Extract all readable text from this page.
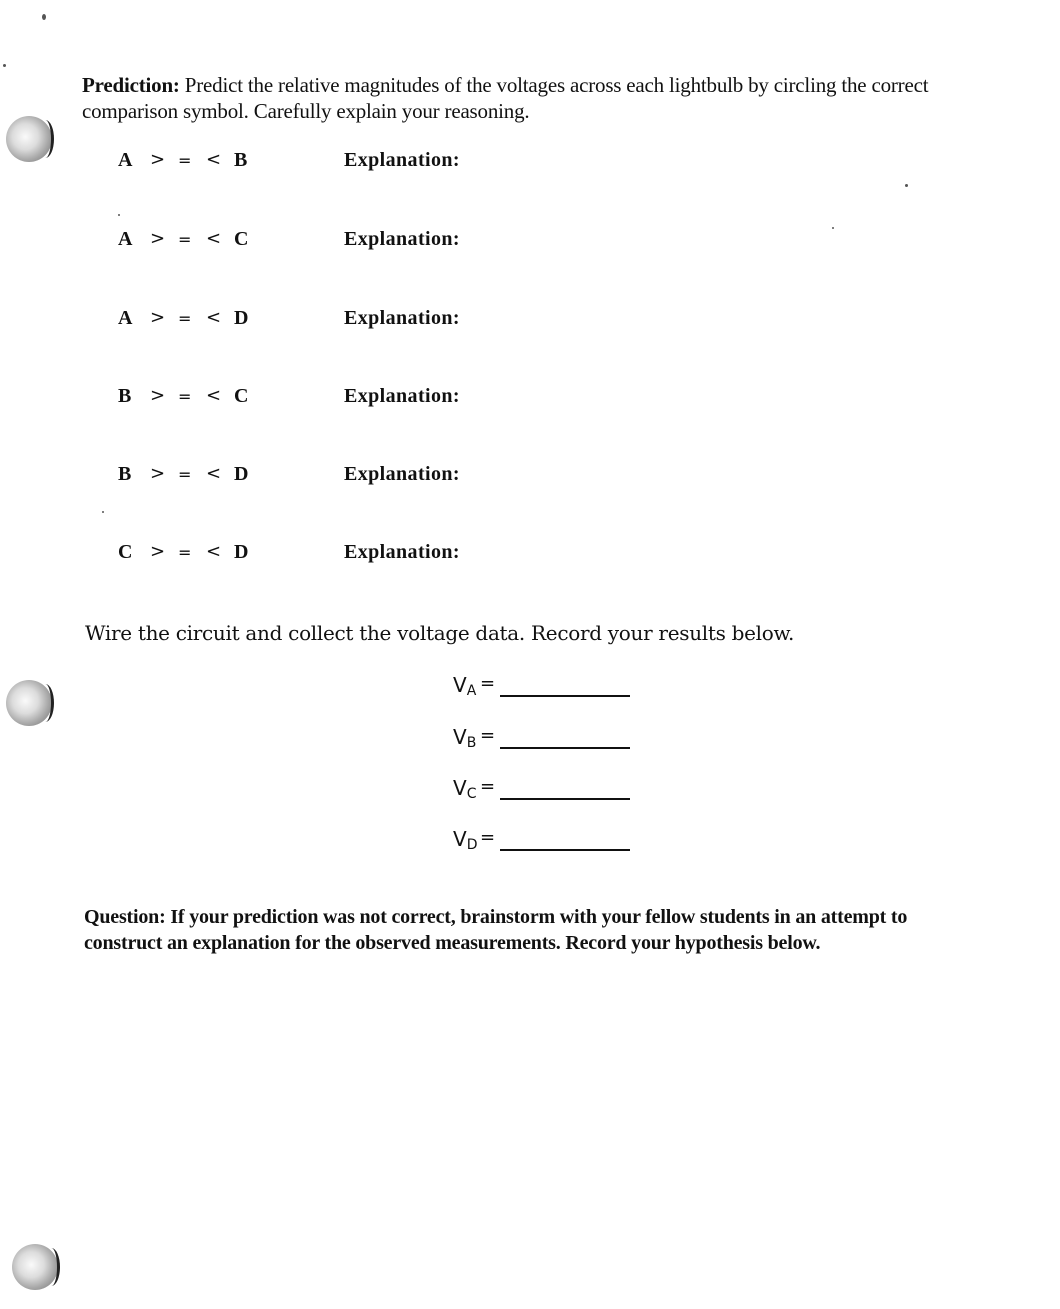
Prediction: Predict the relative magnitudes of the voltages across each lightbulb by circling the correct comparison symbol. Carefully explain your reasoning.
A > = < B	Explanation:
A > = < C	Explanation:
A > = < D	Explanation:
B > = < C	Explanation:
B > = < D	Explanation:
C > = < D	Explanation:
Wire the circuit and collect the voltage data. Record your results below.
$V_A$ =
$V_B$ =
$V_C$ =
$V_D$ =
Question: If your prediction was not correct, brainstorm with your fellow students in an attempt to construct an explanation for the observed measurements. Record your hypothesis below.
